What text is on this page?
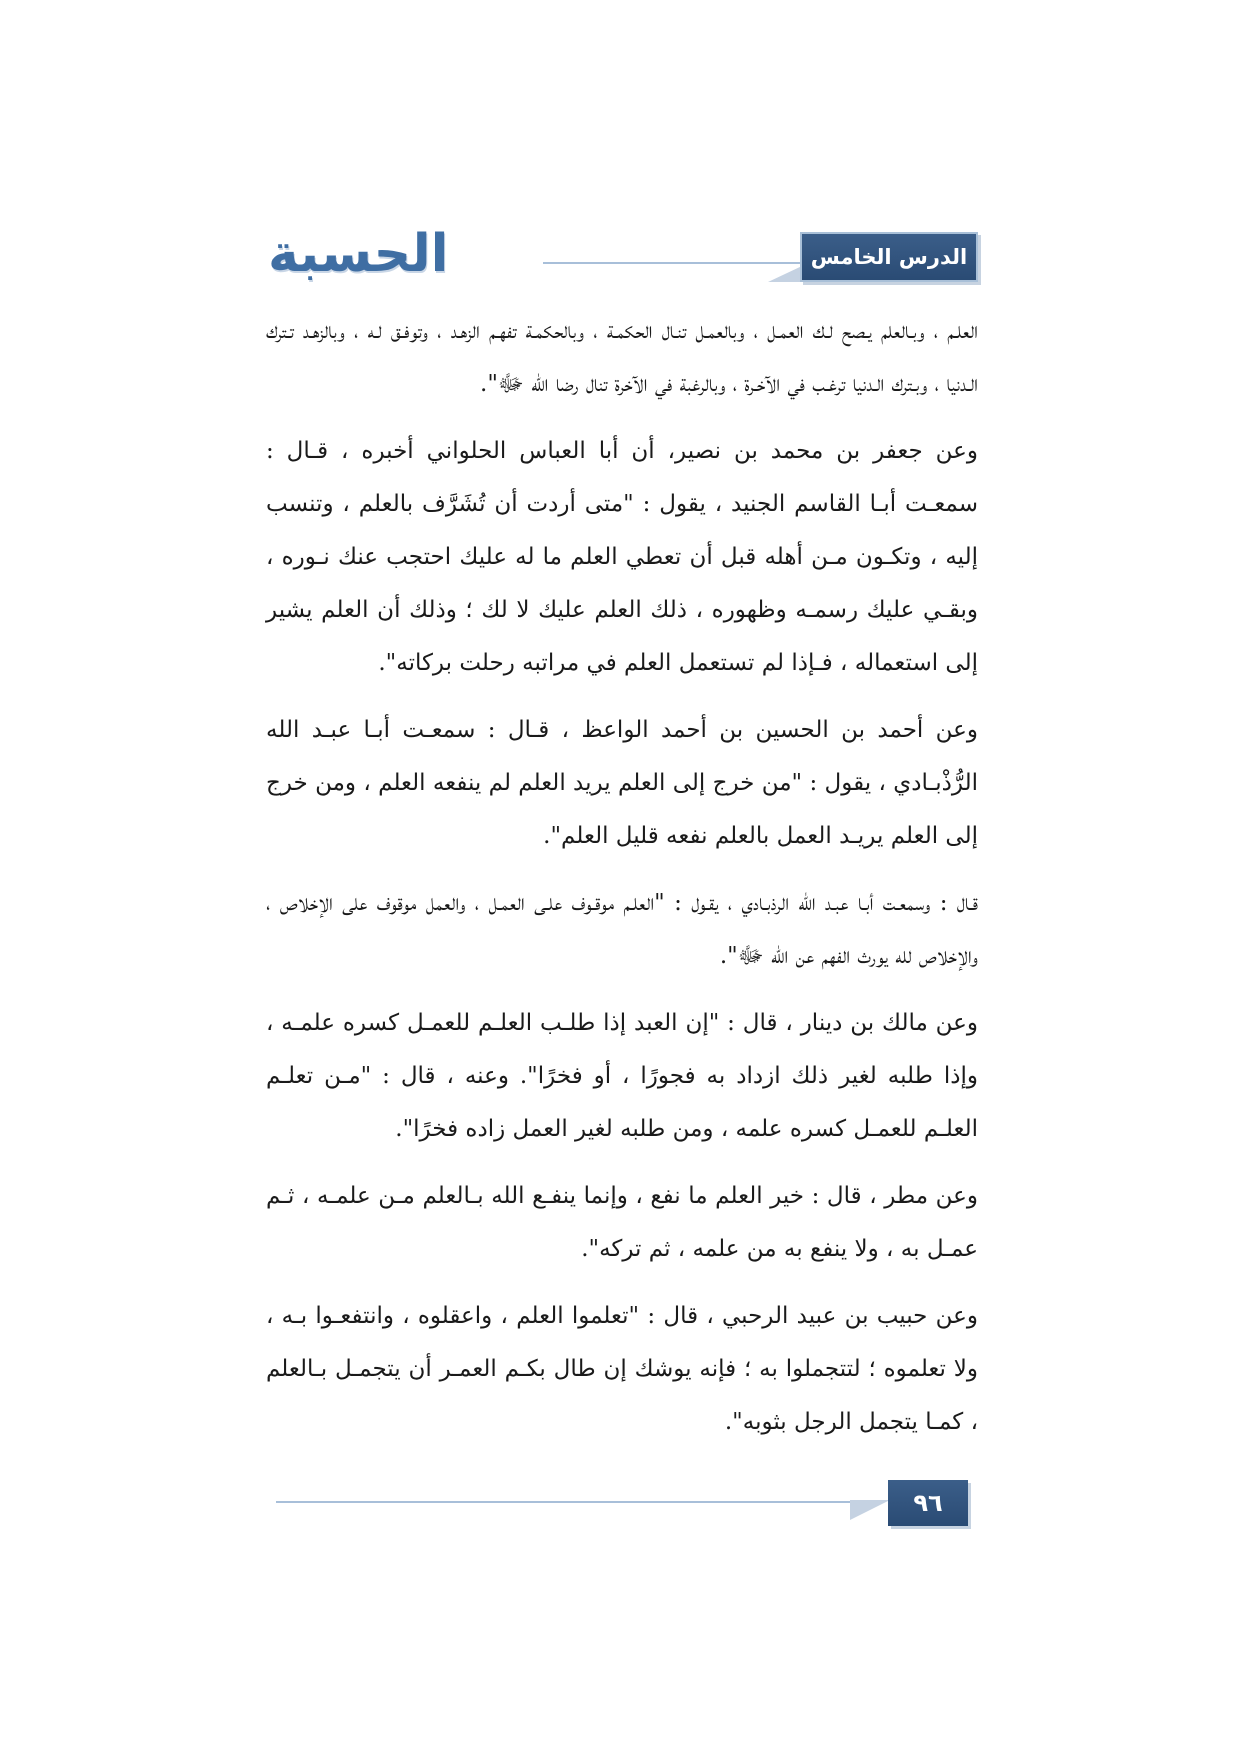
الحسبة	الدرس الخامس

العلـم ، وبـالعلم يـصح لـك العمـل ، وبالعمـل تنـال الحكمـة ، وبالحكمـة تفهـم الزهـد ، وتوفـق لـه ، وبالزهـد تـترك الـدنيا ، وبـترك الـدنيا ترغـب في الآخـرة ، وبالرغبة في الآخرة تنال رضا الله ﷻ".

وعن جعفر بن محمد بن نصير، أن أبا العباس الحلواني أخبره ، قـال : سمعـت أبـا القاسم الجنيد ، يقول : "متى أردت أن تُشَرَّف بالعلم ، وتنسب إليه ، وتكـون مـن أهله قبل أن تعطي العلم ما له عليك احتجب عنك نـوره ، وبقـي عليك رسمـه وظهوره ، ذلك العلم عليك لا لك ؛ وذلك أن العلم يشير إلى استعماله ، فـإذا لم تستعمل العلم في مراتبه رحلت بركاته".

وعن أحمد بن الحسين بن أحمد الواعظ ، قـال : سمعـت أبـا عبـد الله الرُّذْبـادي ، يقول : "من خرج إلى العلم يريد العلم لم ينفعه العلم ، ومن خرج إلى العلم يريـد العمل بالعلم نفعه قليل العلم".

قـال : وسمعـت أبـا عبـد الله الرذبـادي ، يقـول : "العلـم موقـوف علـى العمـل ، والعمل موقوف على الإخلاص ، والإخلاص لله يورث الفهم عن الله ﷻ".

وعن مالك بن دينار ، قال : "إن العبد إذا طلـب العلـم للعمـل كسره علمـه ، وإذا طلبه لغير ذلك ازداد به فجورًا ، أو فخرًا". وعنه ، قال : "مـن تعلـم العلـم للعمـل كسره علمه ، ومن طلبه لغير العمل زاده فخرًا".

وعن مطر ، قال : خير العلم ما نفع ، وإنما ينفـع الله بـالعلم مـن علمـه ، ثـم عمـل به ، ولا ينفع به من علمه ، ثم تركه".

وعن حبيب بن عبيد الرحبي ، قال : "تعلموا العلم ، واعقلوه ، وانتفعـوا بـه ، ولا تعلموه ؛ لتتجملوا به ؛ فإنه يوشك إن طال بكـم العمـر أن يتجمـل بـالعلم ، كمـا يتجمل الرجل بثوبه".

٩٦
